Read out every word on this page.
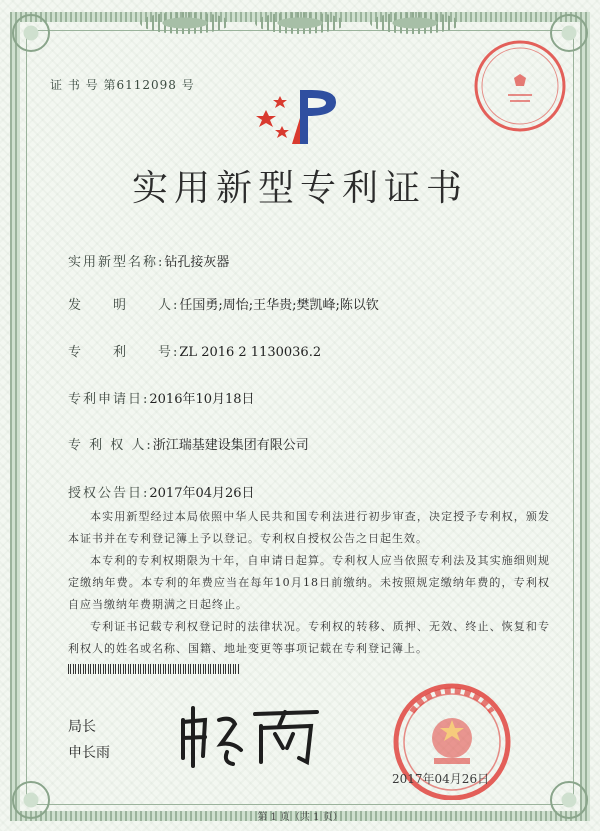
证 书 号 第6112098 号
实用新型专利证书
实用新型名称:钻孔接灰器
发　　明　　人:任国勇;周怡;王华贵;樊凯峰;陈以钦
专　　利　　号:ZL 2016 2 1130036.2
专利申请日:2016年10月18日
专 利 权 人:浙江瑞基建设集团有限公司
授权公告日:2017年04月26日

本实用新型经过本局依照中华人民共和国专利法进行初步审查，决定授予专利权，颁发本证书并在专利登记簿上予以登记。专利权自授权公告之日起生效。

本专利的专利权期限为十年，自申请日起算。专利权人应当依照专利法及其实施细则规定缴纳年费。本专利的年费应当在每年10月18日前缴纳。未按照规定缴纳年费的，专利权自应当缴纳年费期满之日起终止。

专利证书记载专利权登记时的法律状况。专利权的转移、质押、无效、终止、恢复和专利权人的姓名或名称、国籍、地址变更等事项记载在专利登记簿上。

局长
申长雨
2017年04月26日
第 1 页（共 1 页）
